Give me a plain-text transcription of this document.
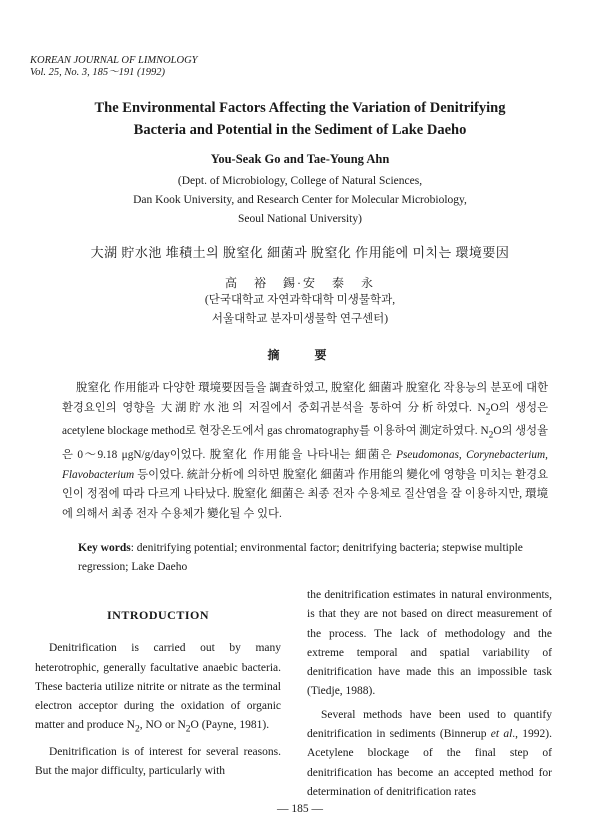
KOREAN JOURNAL OF LIMNOLOGY
Vol. 25, No. 3, 185～191 (1992)
The Environmental Factors Affecting the Variation of Denitrifying
Bacteria and Potential in the Sediment of Lake Daeho
You-Seak Go and Tae-Young Ahn
(Dept. of Microbiology, College of Natural Sciences,
Dan Kook University, and Research Center for Molecular Microbiology,
Seoul National University)
大湖 貯水池 堆積土의 脫窒化 細菌과 脫窒化 作用能에 미치는 環境要因
高 裕 錫·安 泰 永
(단국대학교 자연과학대학 미생물학과,
서울대학교 분자미생물학 연구센터)
摘 要

脫窒化 作用能과 다양한 環境要因들을 調査하였고, 脫窒化 細菌과 脫窒化 작용능의 분포에 대한 환경요인의 영향을 大湖貯水池의 저질에서 중회귀분석을 통하여 分析하였다. $N_2O$의 생성은 acetylene blockage method로 현장온도에서 gas chromatography를 이용하여 測定하였다. $N_2O$의 생성율은 0～9.18 μgN/g/day이었다. 脫窒化 作用能을 나타내는 細菌은 Pseudomonas, Corynebacterium, Flavobacterium 등이었다. 統計分析에 의하면 脫窒化 細菌과 作用能의 變化에 영향을 미치는 환경요인이 정점에 따라 다르게 나타났다. 脫窒化 細菌은 최종 전자 수용체로 질산염을 잘 이용하지만, 環境에 의해서 최종 전자 수용체가 變化될 수 있다.

Key words: denitrifying potential; environmental factor; denitrifying bacteria; stepwise multiple regression; Lake Daeho
INTRODUCTION

Denitrification is carried out by many heterotrophic, generally facultative anaebic bacteria. These bacteria utilize nitrite or nitrate as the terminal electron acceptor during the oxidation of organic matter and produce $N_2$, NO or $N_2O$ (Payne, 1981).

Denitrification is of interest for several reasons. But the major difficulty, particularly with

the denitrification estimates in natural environments, is that they are not based on direct measurement of the process. The lack of methodology and the extreme temporal and spatial variability of denitrification have made this an impossible task (Tiedje, 1988).

Several methods have been used to quantify denitrification in sediments (Binnerup et al., 1992). Acetylene blockage of the final step of denitrification has become an accepted method for determination of denitrification rates

— 185 —
